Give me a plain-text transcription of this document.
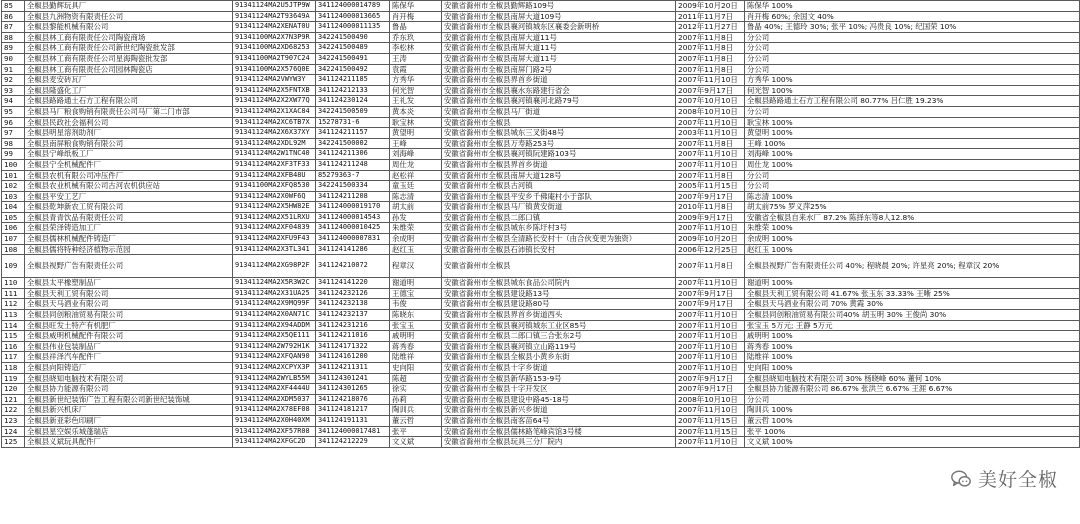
85	全椒县勤辉玩具厂	91341124MA2U5JTP9W	341124000014789	陈保华	安徽省滁州市全椒县勤辉路109号	2009年10月20日	陈保华 100%
86	全椒县九洲物资有限责任公司	91341124MA2T93649A	341124000013665	肖开梅	安徽省滁州市全椒县南屏大道109号	2011年11月7日	肖开梅 60%; 余国文 40%
87	全椒县黎能机械有限公司	91341124MA2XENAT0U	341124000011135	鲁晶	安徽省滁州市全椒县襄河镇城东区襄委会新明桥	2012年11月27日	鲁晶 40%; 王德玲 30%; 张平 10%; 冯贵良 10%; 纪国荣 10%
88	全椒县林工商有限责任公司陶瓷商场	91341100MA2X7N3P9R	342241500490	乔东玖	安徽省滁州市全椒县南屏大道11号	2007年11月8日	分公司
89	全椒县林工商有限责任公司新世纪陶瓷批发部	91341100MA2XD68253	342241500489	李松林	安徽省滁州市全椒县南屏大道11号	2007年11月8日	分公司
90	全椒县林工商有限责任公司星海陶瓷批发部	91341100MA2T907C24	342241500491	王涛	安徽省滁州市全椒县南屏大道11号	2007年11月8日	分公司
91	全椒县林工商有限责任公司园林陶瓷店	91341100MA2X576Q0E	342241500492	袁霞	安徽省滁州市全椒县南屏门路2号	2007年11月8日	分公司
92	全椒县麦安砖瓦厂	91341124MA2VWYW3Y	341124211185	方秀华	安徽省滁州市全椒县界首乡街道	2007年11月10日	方秀华 100%
93	全椒县隆盛化工厂	91341124MA2X5FNTXB	341124212133	何光智	安徽省滁州市全椒县襄水东路建行省会	2007年9月17日	何光智 100%
94	全椒县路路通土石方工程有限公司	91341124MA2X2XW77Q	341124230124	王礼发	安徽省滁州市全椒县襄河镇襄河北路79号	2007年10月10日	全椒县路路通土石方工程有限公司 80.77% 吕仁胜 19.23%
95	全椒县马厂粮食购销有限责任公司马厂第二门市部	91341124MA2X1XAC84	342241500509	黄本炎	安徽省滁州市全椒县马厂街道	2008年10月10日	分公司
96	全椒县民政社会福利公司	91341124MA2XC6TB7X	15278731-6	耿宝林	安徽省滁州市全椒县	2007年11月10日	耿宝林 100%
97	全椒县明星溶剂助剂厂	91341124MA2X6X37XY	341124211157	黄望明	安徽省滁州市全椒县城东三叉街48号	2003年11月10日	黄望明 100%
98	全椒县南屏粮食购销有限公司	91341124MA2XDL92M	342241500002	王峰	安徽省滁州市全椒县万寿路253号	2007年11月8日	王峰 100%
99	全椒县宁峰纸板工厂	91341124MA2W1TNC40	341124211306	刘海峰	安徽省滁州市全椒县襄河镇阮建路103号	2007年11月10日	刘海峰 100%
100	全椒县宁全机械配件厂	91341124MA2XF3TF33	341124211248	周仕龙	安徽省滁州市全椒县界首乡街道	2007年11月10日	周仕龙 100%
101	全椒县农机有限公司冲压件厂	91341124MA2XFB48U	85279363-7	赵松祥	安徽省滁州市全椒县南屏大道128号	2007年11月8日	分公司
102	全椒县农业机械有限公司古河农机供应站	91341100MA2XFQ8530	342241500334	童玉廷	安徽省滁州市全椒县古河镇	2005年11月15日	分公司
103	全椒县平安工艺厂	91341124MA2X0WF6Q	341124211208	陈志清	安徽省滁州市全椒县平安乡千佛庵村小于部队	2007年9月17日	陈志清 100%
104	全椒县乾坤新农工贸有限公司	91341124MA2X5HW82E	341124000019170	胡太前	安徽省滁州市全椒县马厂镇黄安街道	2010年11月8日	胡太前75% 罗义萍25%
105	全椒县青青饮品有限责任公司	91341124MA2X51LRXU	341124000014543	孙发	安徽省滁州市全椒县二郎口镇	2009年9月17日	安徽省全椒县自来水厂 87.2% 陈择东等8人12.8%
106	全椒县荣泽铸造加工厂	91341124MA2XF04839	341124000010425	朱维荣	安徽省滁州市全椒县城东乡陈圩村3号	2007年11月10日	朱维荣 100%
107	全椒县儒林机械配件铸造厂	91341124MA2XFU9F43	341124000007831	余成明	安徽省滁州市全椒县全清路长安村十（由合伙变更为独资）	2009年10月20日	余成明 100%
108	全椒县儒将特种经济植物示范园	91341124MA2X3TL341	341124141286	赵红玉	安徽省滁州市全椒县石沛镇长安村	2006年12月25日	赵红玉 100%
109	全椒县视野广告有限责任公司	91341124MA2XG98P2F	341124210072	程章汉	安徽省滁州市全椒县	2007年11月8日	全椒县视野广告有限责任公司 40%; 程晓晨 20%; 许星亮 20%; 程章汉 20%
110	全椒县太平橡塑制品厂	91341124MA2X5R3W2C	341124141220	谢道明	安徽省滁州市全椒县城东食品公司院内	2007年11月10日	谢道明 100%
111	全椒县天利工贸有限公司	91341124MA2X31UA25	341124232126	王德宝	安徽省滁州市全椒县建设路13号	2007年9月17日	全椒县天利工贸有限公司 41.67% 张玉东 33.33% 王晰 25%
112	全椒县天马酒业有限公司	91341124MA2X9MQ99F	341124232138	韦俊	安徽省滁州市全椒县建设路80号	2007年9月17日	全椒县天马酒业有限公司 70% 黄霞 30%
113	全椒县同创粮油贸易有限公司	91341124MA2X0AN71C	341124232137	陈晓东	安徽省滁州市全椒县界首乡街道西头	2007年11月10日	全椒县同创粮油贸易有限公司40% 胡玉明 30% 王俊尚 30%
114	全椒县旺发土特产有机肥厂	91341124MA2X94ADDM	341124231216	张宝玉	安徽省滁州市全椒县襄河镇城东工业区85号	2007年11月10日	张宝玉 5万元; 王静 5万元
115	全椒县威明机械配件有限公司	91341124MA2X5QE111	341124211016	戚明明	安徽省滁州市全椒县二郎口镇三合张东2号	2007年11月10日	戚明明 100%
116	全椒县伟业包装制品厂	91341124MA2W792H1K	341124171322	蒋秀春	安徽省滁州市全椒县襄河镇立山路119号	2007年11月10日	蒋秀春 100%
117	全椒县祥泽汽车配件厂	91341124MA2XFQAN90	341124161200	陆维祥	安徽省滁州市全椒县全椒县小黄乡东街	2007年11月10日	陆维祥 100%
118	全椒县向阳铸造厂	91341124MA2XCPYX3P	341124211311	史向阳	安徽省滁州市全椒县十字乡街道	2007年11月10日	史向阳 100%
119	全椒县晓知电脑技术有限公司	91341124MA2WYLB55M	341124301241	陈超	安徽省滁州市全椒县新华路153-9号	2007年9月17日	全椒县晓知电脑技术有限公司 30% 杨晓峰 60% 董何 10%
120	全椒县协力能源有限公司	91341124MA2XF4444U	341124301265	徐实	安徽省滁州市全椒县十字开发区	2007年9月17日	全椒县协力能源有限公司 86.67% 张洪兰 6.67% 王涯 6.67%
121	全椒县新世纪装饰广告工程有限公司新世纪装饰城	91341124MA2XDM5037	341124218076	孙莉	安徽省滁州市全椒县建设中路45-18号	2008年10月10日	分公司
122	全椒县新兴机床厂	91341124MA2X78EF08	341124181217	陶训兵	安徽省滁州市全椒县新兴乡街道	2007年11月10日	陶训兵 100%
123	全椒县新亚彩色印刷厂	91341124MA2X0H40XM	341124191131	董云哲	安徽省滁州市全椒县南客苗64号	2007年11月15日	董云哲 100%
124	全椒县星空娱乐城蓬瑞店	91341124MA2XF57R08	341124000017481	张平	安徽省滁州市全椒县儒林路笔峰宾馆3号楼	2007年11月15日	张平 100%
125	全椒县义斌玩具配件厂	91341124MA2XFGC2D	341124212229	文义斌	安徽省滁州市全椒县玩具三分厂院内	2007年11月10日	文义斌 100%
美好全椒
